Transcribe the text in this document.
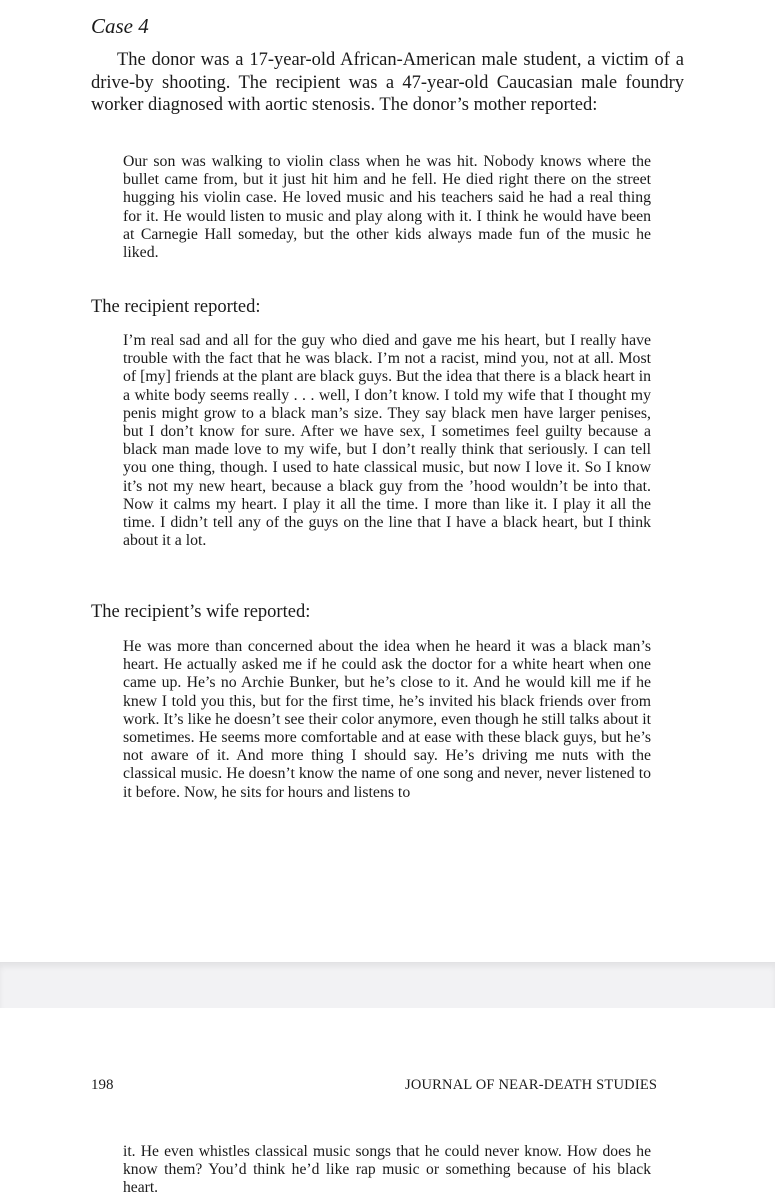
Case 4

The donor was a 17-year-old African-American male student, a victim of a drive-by shooting. The recipient was a 47-year-old Caucasian male foundry worker diagnosed with aortic stenosis. The donor’s mother reported:

Our son was walking to violin class when he was hit. Nobody knows where the bullet came from, but it just hit him and he fell. He died right there on the street hugging his violin case. He loved music and his teachers said he had a real thing for it. He would listen to music and play along with it. I think he would have been at Carnegie Hall someday, but the other kids always made fun of the music he liked.

The recipient reported:

I’m real sad and all for the guy who died and gave me his heart, but I really have trouble with the fact that he was black. I’m not a racist, mind you, not at all. Most of [my] friends at the plant are black guys. But the idea that there is a black heart in a white body seems really . . . well, I don’t know. I told my wife that I thought my penis might grow to a black man’s size. They say black men have larger penises, but I don’t know for sure. After we have sex, I sometimes feel guilty because a black man made love to my wife, but I don’t really think that seriously. I can tell you one thing, though. I used to hate classical music, but now I love it. So I know it’s not my new heart, because a black guy from the ’hood wouldn’t be into that. Now it calms my heart. I play it all the time. I more than like it. I play it all the time. I didn’t tell any of the guys on the line that I have a black heart, but I think about it a lot.

The recipient’s wife reported:

He was more than concerned about the idea when he heard it was a black man’s heart. He actually asked me if he could ask the doctor for a white heart when one came up. He’s no Archie Bunker, but he’s close to it. And he would kill me if he knew I told you this, but for the first time, he’s invited his black friends over from work. It’s like he doesn’t see their color anymore, even though he still talks about it sometimes. He seems more comfortable and at ease with these black guys, but he’s not aware of it. And more thing I should say. He’s driving me nuts with the classical music. He doesn’t know the name of one song and never, never listened to it before. Now, he sits for hours and listens to

198	JOURNAL OF NEAR-DEATH STUDIES

it. He even whistles classical music songs that he could never know. How does he know them? You’d think he’d like rap music or something because of his black heart.
